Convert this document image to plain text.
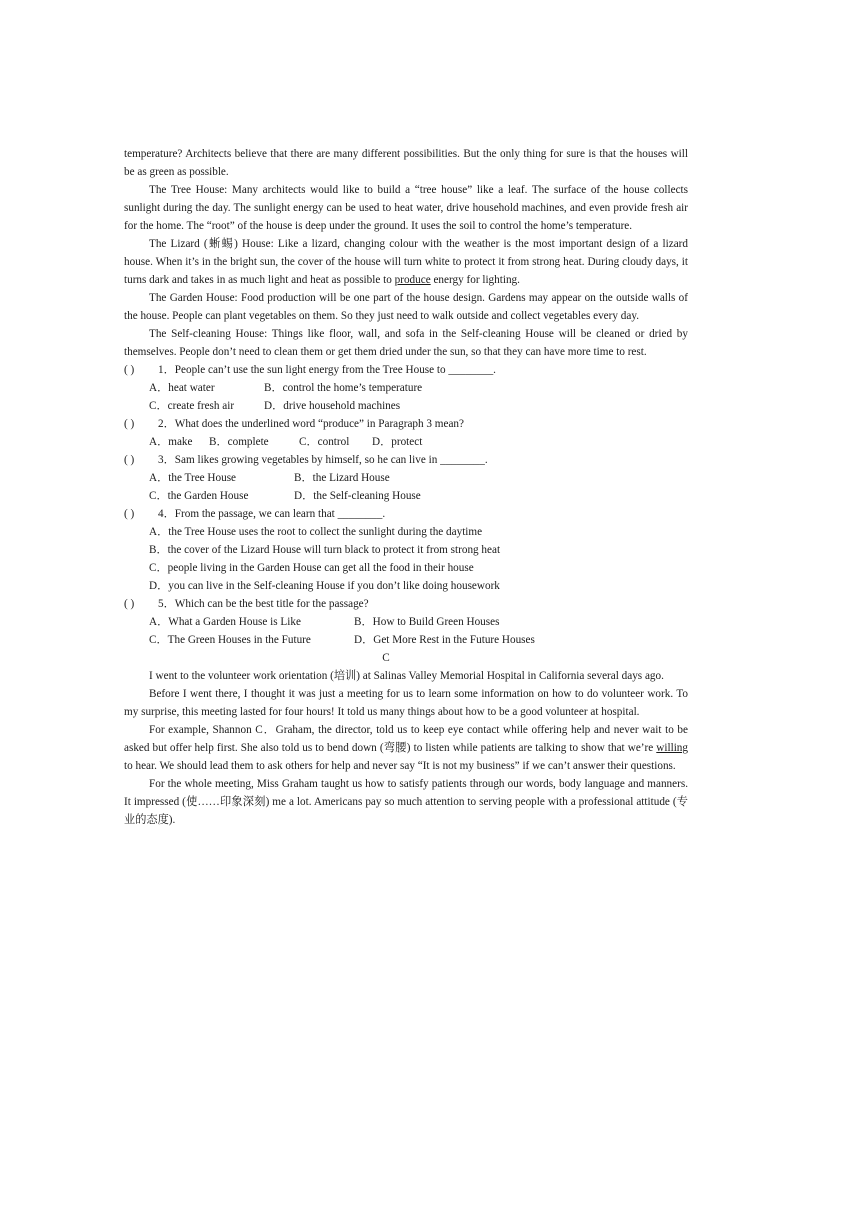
temperature? Architects believe that there are many different possibilities. But the only thing for sure is that the houses will be as green as possible.

The Tree House: Many architects would like to build a “tree house” like a leaf. The surface of the house collects sunlight during the day. The sunlight energy can be used to heat water, drive household machines, and even provide fresh air for the home. The “root” of the house is deep under the ground. It uses the soil to control the home’s temperature.

The Lizard (蜥蜴) House: Like a lizard, changing colour with the weather is the most important design of a lizard house. When it’s in the bright sun, the cover of the house will turn white to protect it from strong heat. During cloudy days, it turns dark and takes in as much light and heat as possible to produce energy for lighting.

The Garden House: Food production will be one part of the house design. Gardens may appear on the outside walls of the house. People can plant vegetables on them. So they just need to walk outside and collect vegetables every day.

The Self-cleaning House: Things like floor, wall, and sofa in the Self-cleaning House will be cleaned or dried by themselves. People don’t need to clean them or get them dried under the sun, so that they can have more time to rest.

( ) 1．People can’t use the sun light energy from the Tree House to ________.

A．heat water	B．control the home’s temperature

C．create fresh air	D．drive household machines

( ) 2．What does the underlined word “produce” in Paragraph 3 mean?

A．make B．complete	C．control D．protect

( ) 3．Sam likes growing vegetables by himself, so he can live in ________.

A．the Tree House	B．the Lizard House

C．the Garden House	D．the Self-cleaning House

( ) 4．From the passage, we can learn that ________.

A．the Tree House uses the root to collect the sunlight during the daytime

B．the cover of the Lizard House will turn black to protect it from strong heat

C．people living in the Garden House can get all the food in their house

D．you can live in the Self-cleaning House if you don’t like doing housework

( ) 5．Which can be the best title for the passage?

A．What a Garden House is Like	B．How to Build Green Houses

C．The Green Houses in the Future	D．Get More Rest in the Future Houses

C

I went to the volunteer work orientation (培训) at Salinas Valley Memorial Hospital in California several days ago.

Before I went there, I thought it was just a meeting for us to learn some information on how to do volunteer work. To my surprise, this meeting lasted for four hours! It told us many things about how to be a good volunteer at hospital.

For example, Shannon C．Graham, the director, told us to keep eye contact while offering help and never wait to be asked but offer help first. She also told us to bend down (弯腰) to listen while patients are talking to show that we’re willing to hear. We should lead them to ask others for help and never say “It is not my business” if we can’t answer their questions.

For the whole meeting, Miss Graham taught us how to satisfy patients through our words, body language and manners. It impressed (使……印象深刻) me a lot. Americans pay so much attention to serving people with a professional attitude (专业的态度).
